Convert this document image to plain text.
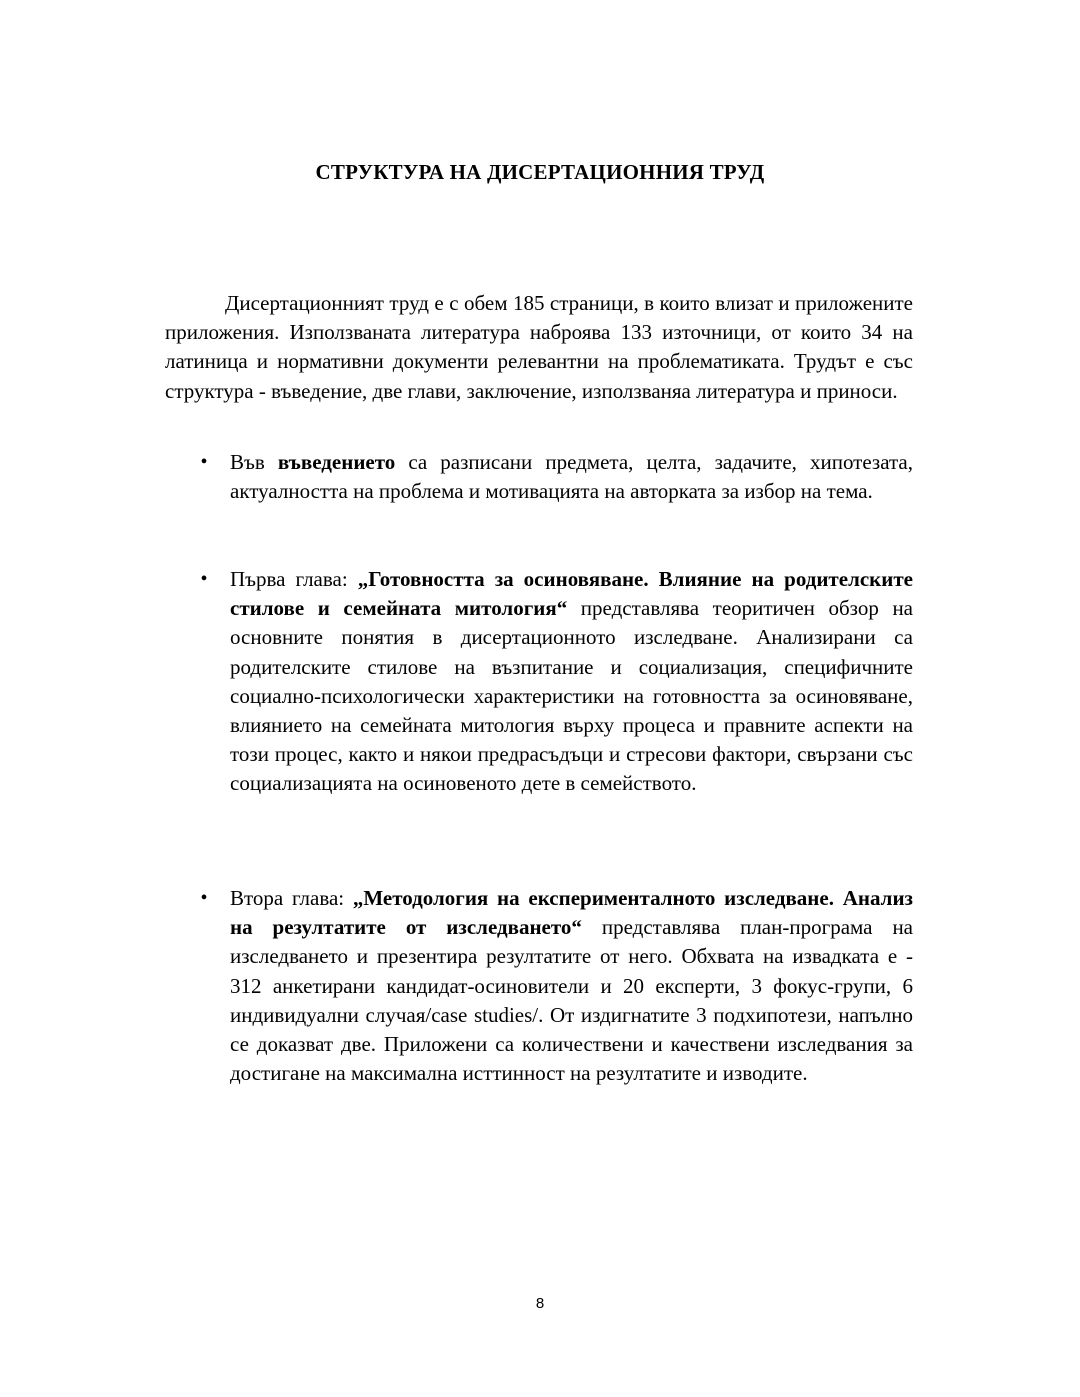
СТРУКТУРА НА ДИСЕРТАЦИОННИЯ ТРУД

Дисертационният труд е с обем 185 страници, в които влизат и приложените приложения. Използваната литература наброява 133 източници, от които 34 на латиница и нормативни документи релевантни на проблематиката. Трудът е със структура - въведение, две глави, заключение, използваняа литература и приноси.

• Във въведението са разписани предмета, целта, задачите, хипотезата, актуалността на проблема и мотивацията на авторката за избор на тема.

• Първа глава: „Готовността за осиновяване. Влияние на родителските стилове и семейната митология“ представлява теоритичен обзор на основните понятия в дисертационното изследване. Анализирани са родителските стилове на възпитание и социализация, специфичните социално-психологически характеристики на готовността за осиновяване, влиянието на семейната митология върху процеса и правните аспекти на този процес, както и някои предрасъдъци и стресови фактори, свързани със социализацията на осиновеното дете в семейството.

• Втора глава: „Методология на експерименталното изследване. Анализ на резултатите от изследването“ представлява план-програма на изследването и презентира резултатите от него. Обхвата на извадката е - 312 анкетирани кандидат-осиновители и 20 експерти, 3 фокус-групи, 6 индивидуални случая/case studies/. От издигнатите 3 подхипотези, напълно се доказват две. Приложени са количествени и качествени изследвания за достигане на максимална исттинност на резултатите и изводите.

8
